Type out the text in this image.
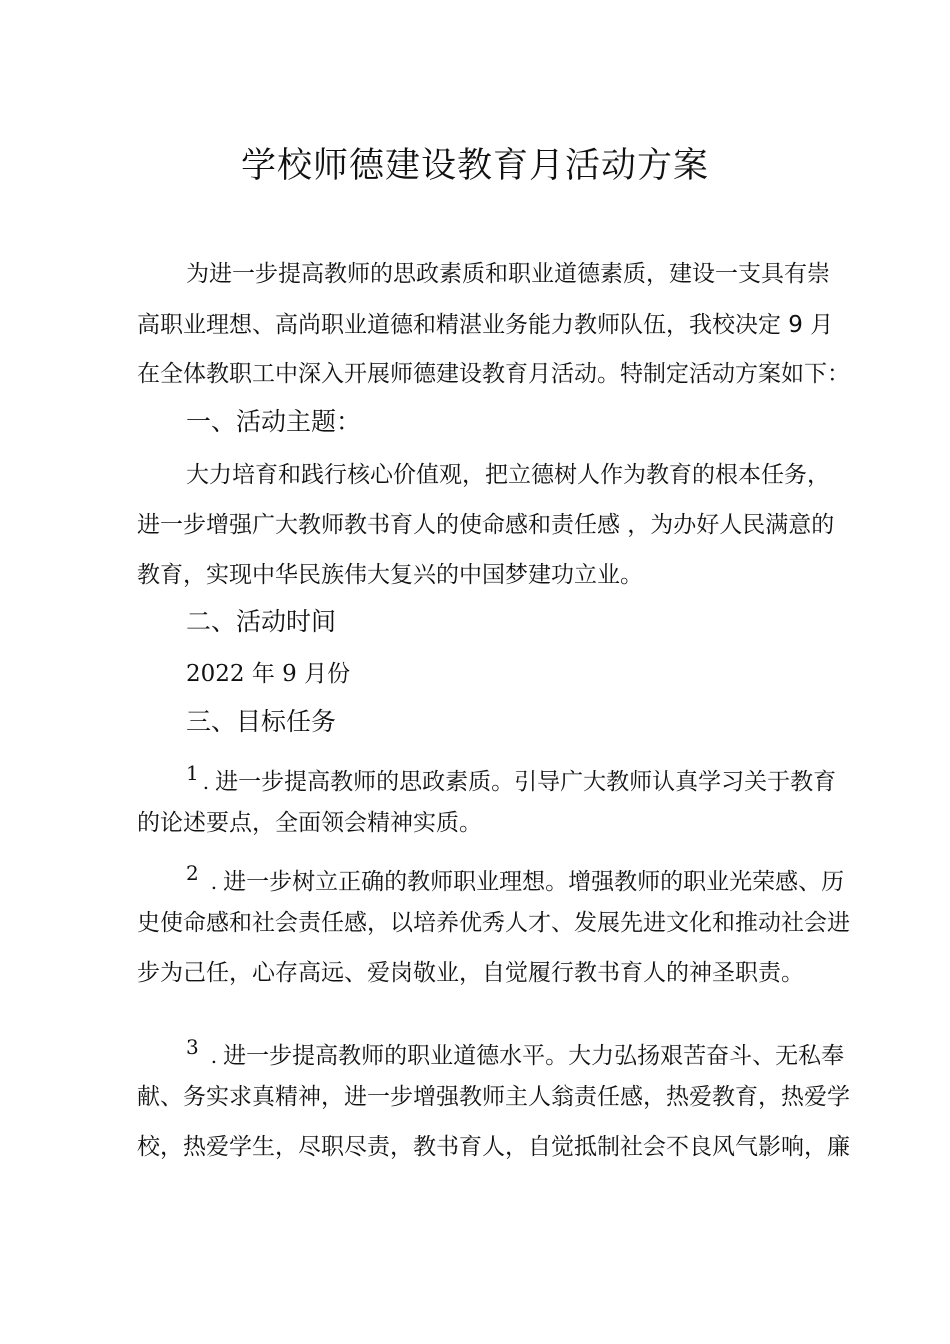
学校师德建设教育月活动方案

为进一步提高教师的思政素质和职业道德素质，建设一支具有崇

高职业理想、高尚职业道德和精湛业务能力教师队伍，我校决定 9 月

在全体教职工中深入开展师德建设教育月活动。特制定活动方案如下：

一、活动主题：

大力培育和践行核心价值观，把立德树人作为教育的根本任务，

进一步增强广大教师教书育人的使命感和责任感 ，为办好人民满意的

教育，实现中华民族伟大复兴的中国梦建功立业。

二、活动时间

2022 年 9 月份

三、目标任务

1 . 进一步提高教师的思政素质。引导广大教师认真学习关于教育

的论述要点，全面领会精神实质。

2 . 进一步树立正确的教师职业理想。增强教师的职业光荣感、历

史使命感和社会责任感，以培养优秀人才、发展先进文化和推动社会进

步为己任，心存高远、爱岗敬业，自觉履行教书育人的神圣职责。

3 . 进一步提高教师的职业道德水平。大力弘扬艰苦奋斗、无私奉

献、务实求真精神，进一步增强教师主人翁责任感，热爱教育，热爱学

校，热爱学生，尽职尽责，教书育人，自觉抵制社会不良风气影响，廉
